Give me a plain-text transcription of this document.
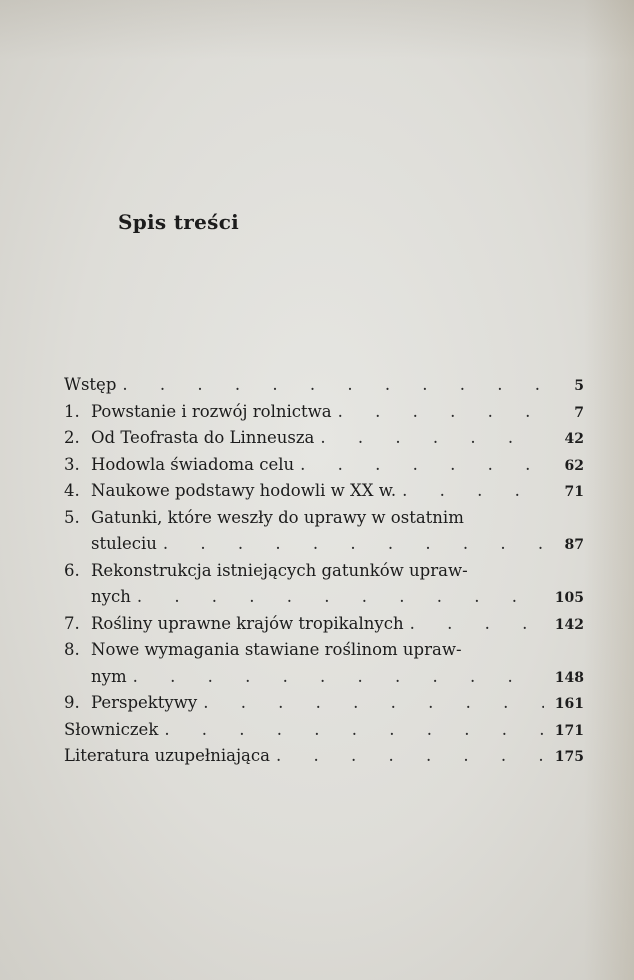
Spis treści
Wstęp . . .	5
1. Powstanie i rozwój rolnictwa . . .	7
2. Od Teofrasta do Linneusza . . .	42
3. Hodowla świadoma celu . . .	62
4. Naukowe podstawy hodowli w XX w. . . .	71
5. Gatunki, które weszły do uprawy w ostatnim
stuleciu . . .	87
6. Rekonstrukcja istniejących gatunków upraw-
nych . . .	105
7. Rośliny uprawne krajów tropikalnych . . .	142
8. Nowe wymagania stawiane roślinom upraw-
nym . . .	148
9. Perspektywy . . .	161
Słowniczek . . .	171
Literatura uzupełniająca . . .	175
